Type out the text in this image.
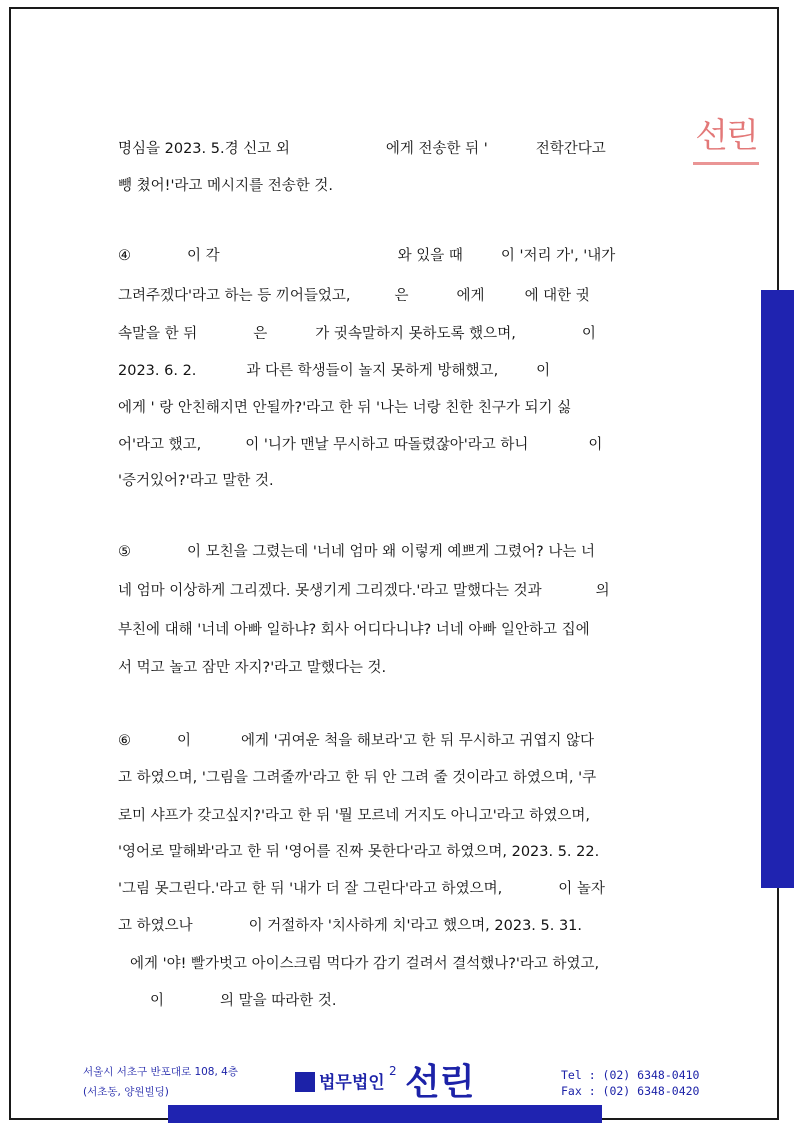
선린
명심을 2023. 5.경 신고 외	에게 전송한 뒤 '	전학간다고
뺑 쳤어!'라고 메시지를 전송한 것.
④	이 각	와 있을 때	이 '저리 가', '내가
그려주겠다'라고 하는 등 끼어들었고,	은	에게	에 대한 귓
속말을 한 뒤	은	가 귓속말하지 못하도록 했으며,	이
2023. 6. 2.	과 다른 학생들이 놀지 못하게 방해했고,	이
에게 ' 랑 안친해지면 안될까?'라고 한 뒤 '나는 너랑 친한 친구가 되기 싫
어'라고 했고,	이 '니가 맨날 무시하고 따돌렸잖아'라고 하니	이
'증거있어?'라고 말한 것.
⑤	이 모친을 그렸는데 '너네 엄마 왜 이렇게 예쁘게 그렸어? 나는 너
네 엄마 이상하게 그리겠다. 못생기게 그리겠다.'라고 말했다는 것과	의
부친에 대해 '너네 아빠 일하냐? 회사 어디다니냐? 너네 아빠 일안하고 집에
서 먹고 놀고 잠만 자지?'라고 말했다는 것.
⑥	이	에게 '귀여운 척을 해보라'고 한 뒤 무시하고 귀엽지 않다
고 하였으며, '그림을 그려줄까'라고 한 뒤 안 그려 줄 것이라고 하였으며, '쿠
로미 샤프가 갖고싶지?'라고 한 뒤 '뭘 모르네 거지도 아니고'라고 하였으며,
'영어로 말해봐'라고 한 뒤 '영어를 진짜 못한다'라고 하였으며, 2023. 5. 22.
'그림 못그린다.'라고 한 뒤 '내가 더 잘 그린다'라고 하였으며,	이 놀자
고 하였으나	이 거절하자 '치사하게 치'라고 했으며, 2023. 5. 31.
에게 '야! 빨가벗고 아이스크림 먹다가 감기 걸려서 결석했나?'라고 하였고,
이	의 말을 따라한 것.
서울시 서초구 반포대로 108, 4층
(서초동, 양원빌딩)	법무법인 선린	Tel : (02) 6348-0410
Fax : (02) 6348-0420
2
